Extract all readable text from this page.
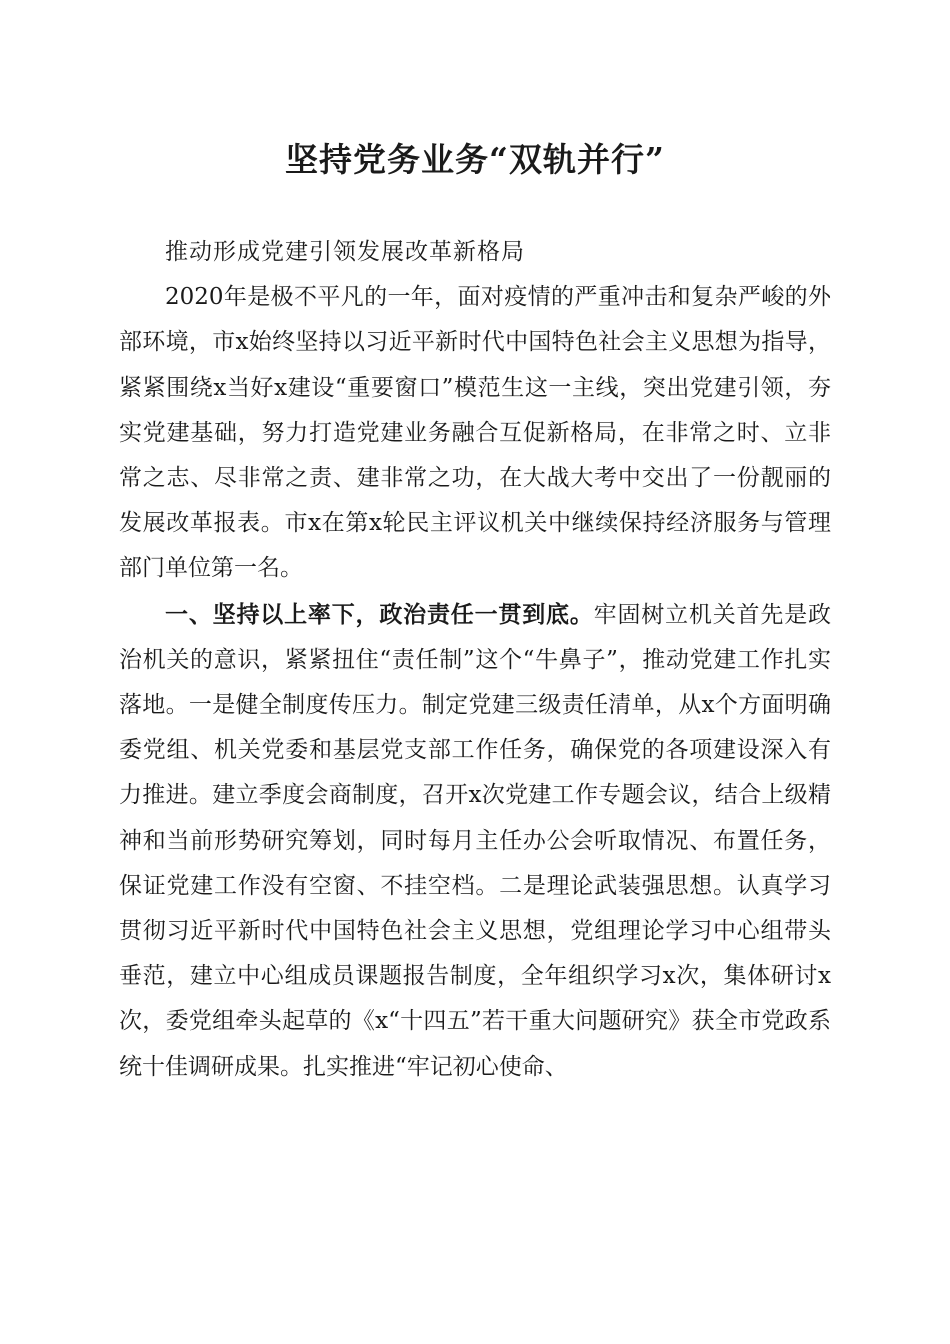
坚持党务业务“双轨并行”

推动形成党建引领发展改革新格局

2020年是极不平凡的一年，面对疫情的严重冲击和复杂严峻的外部环境，市x始终坚持以习近平新时代中国特色社会主义思想为指导，紧紧围绕x当好x建设“重要窗口”模范生这一主线，突出党建引领，夯实党建基础，努力打造党建业务融合互促新格局，在非常之时、立非常之志、尽非常之责、建非常之功，在大战大考中交出了一份靓丽的发展改革报表。市x在第x轮民主评议机关中继续保持经济服务与管理部门单位第一名。

一、坚持以上率下，政治责任一贯到底。牢固树立机关首先是政治机关的意识，紧紧扭住“责任制”这个“牛鼻子”，推动党建工作扎实落地。一是健全制度传压力。制定党建三级责任清单，从x个方面明确委党组、机关党委和基层党支部工作任务，确保党的各项建设深入有力推进。建立季度会商制度，召开x次党建工作专题会议，结合上级精神和当前形势研究筹划，同时每月主任办公会听取情况、布置任务，保证党建工作没有空窗、不挂空档。二是理论武装强思想。认真学习贯彻习近平新时代中国特色社会主义思想，党组理论学习中心组带头垂范，建立中心组成员课题报告制度，全年组织学习x次，集体研讨x次，委党组牵头起草的《x“十四五”若干重大问题研究》获全市党政系统十佳调研成果。扎实推进“牢记初心使命、
